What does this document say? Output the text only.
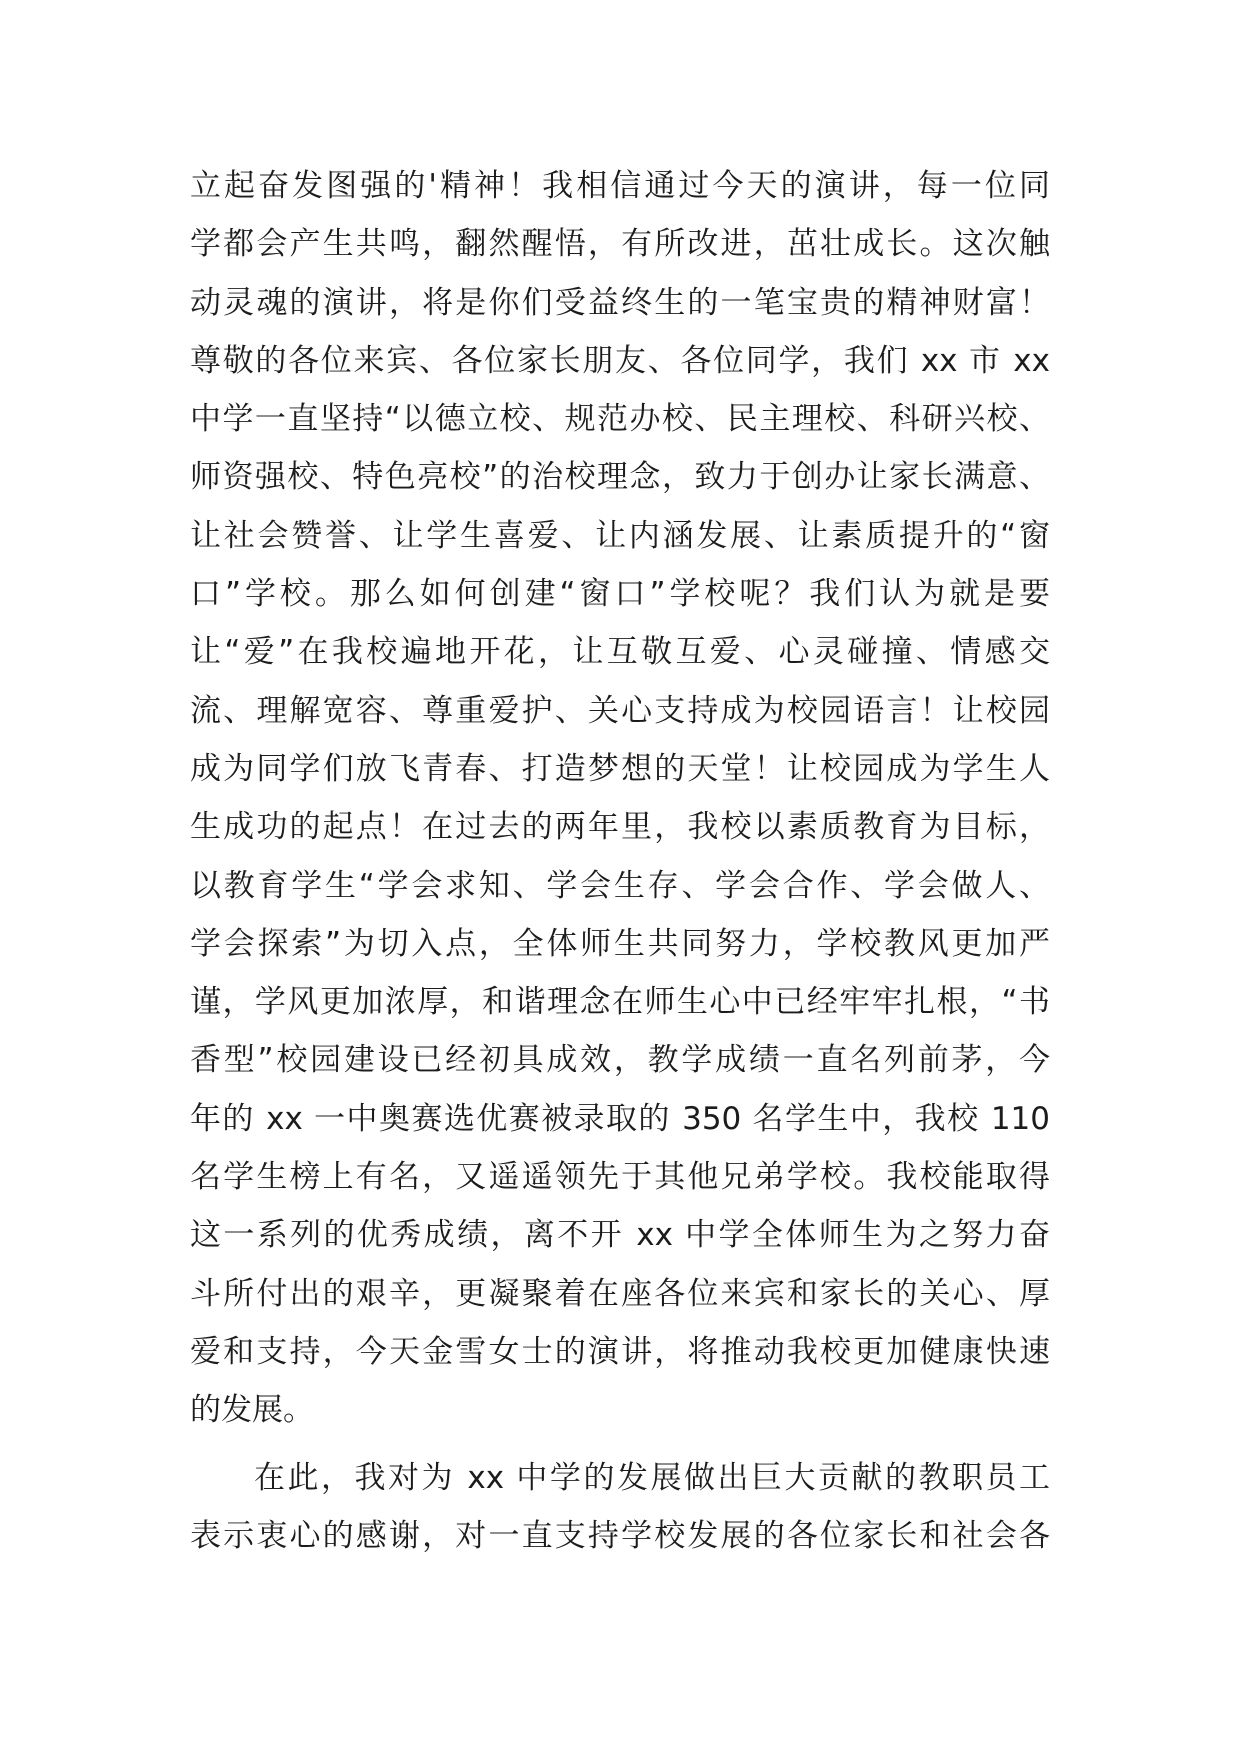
立起奋发图强的'精神！我相信通过今天的演讲，每一位同
学都会产生共鸣，翻然醒悟，有所改进，茁壮成长。这次触
动灵魂的演讲，将是你们受益终生的一笔宝贵的精神财富！
尊敬的各位来宾、各位家长朋友、各位同学，我们 xx 市 xx
中学一直坚持“以德立校、规范办校、民主理校、科研兴校、
师资强校、特色亮校”的治校理念，致力于创办让家长满意、
让社会赞誉、让学生喜爱、让内涵发展、让素质提升的“窗
口”学校。那么如何创建“窗口”学校呢？我们认为就是要
让“爱”在我校遍地开花，让互敬互爱、心灵碰撞、情感交
流、理解宽容、尊重爱护、关心支持成为校园语言！让校园
成为同学们放飞青春、打造梦想的天堂！让校园成为学生人
生成功的起点！在过去的两年里，我校以素质教育为目标，
以教育学生“学会求知、学会生存、学会合作、学会做人、
学会探索”为切入点，全体师生共同努力，学校教风更加严
谨，学风更加浓厚，和谐理念在师生心中已经牢牢扎根，“书
香型”校园建设已经初具成效，教学成绩一直名列前茅，今
年的 xx 一中奥赛选优赛被录取的 350 名学生中，我校 110
名学生榜上有名，又遥遥领先于其他兄弟学校。我校能取得
这一系列的优秀成绩，离不开 xx 中学全体师生为之努力奋
斗所付出的艰辛，更凝聚着在座各位来宾和家长的关心、厚
爱和支持，今天金雪女士的演讲，将推动我校更加健康快速
的发展。
在此，我对为 xx 中学的发展做出巨大贡献的教职员工
表示衷心的感谢，对一直支持学校发展的各位家长和社会各
